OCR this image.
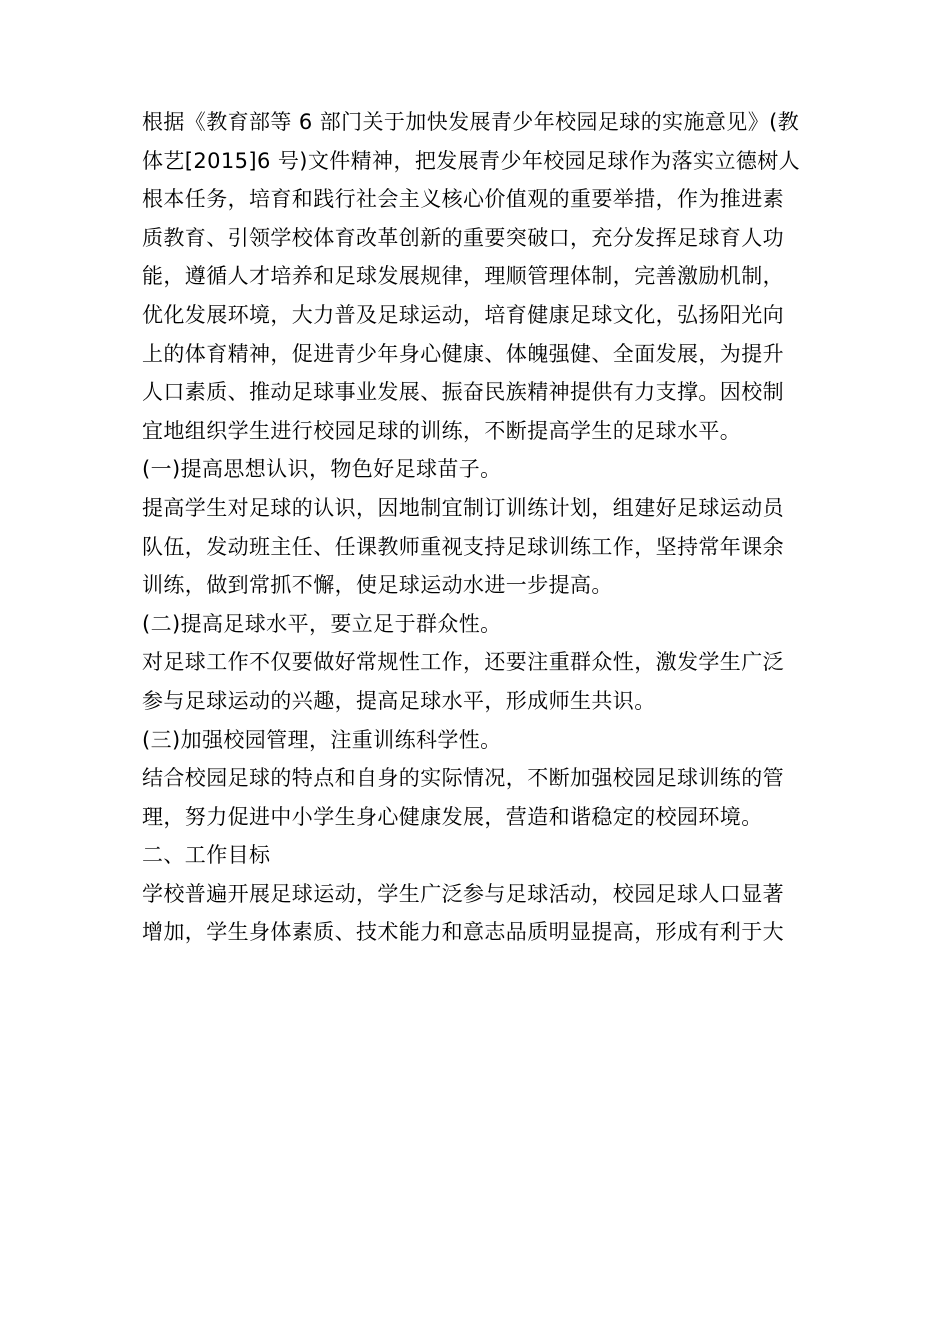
根据《教育部等 6 部门关于加快发展青少年校园足球的实施意见》(教
体艺[2015]6 号)文件精神，把发展青少年校园足球作为落实立德树人
根本任务，培育和践行社会主义核心价值观的重要举措，作为推进素
质教育、引领学校体育改革创新的重要突破口，充分发挥足球育人功
能，遵循人才培养和足球发展规律，理顺管理体制，完善激励机制，
优化发展环境，大力普及足球运动，培育健康足球文化，弘扬阳光向
上的体育精神，促进青少年身心健康、体魄强健、全面发展，为提升
人口素质、推动足球事业发展、振奋民族精神提供有力支撑。因校制
宜地组织学生进行校园足球的训练，不断提高学生的足球水平。
(一)提高思想认识，物色好足球苗子。
提高学生对足球的认识，因地制宜制订训练计划，组建好足球运动员
队伍，发动班主任、任课教师重视支持足球训练工作，坚持常年课余
训练，做到常抓不懈，使足球运动水进一步提高。
(二)提高足球水平，要立足于群众性。
对足球工作不仅要做好常规性工作，还要注重群众性，激发学生广泛
参与足球运动的兴趣，提高足球水平，形成师生共识。
(三)加强校园管理，注重训练科学性。
结合校园足球的特点和自身的实际情况，不断加强校园足球训练的管
理，努力促进中小学生身心健康发展，营造和谐稳定的校园环境。
二、工作目标
学校普遍开展足球运动，学生广泛参与足球活动，校园足球人口显著
增加，学生身体素质、技术能力和意志品质明显提高，形成有利于大
